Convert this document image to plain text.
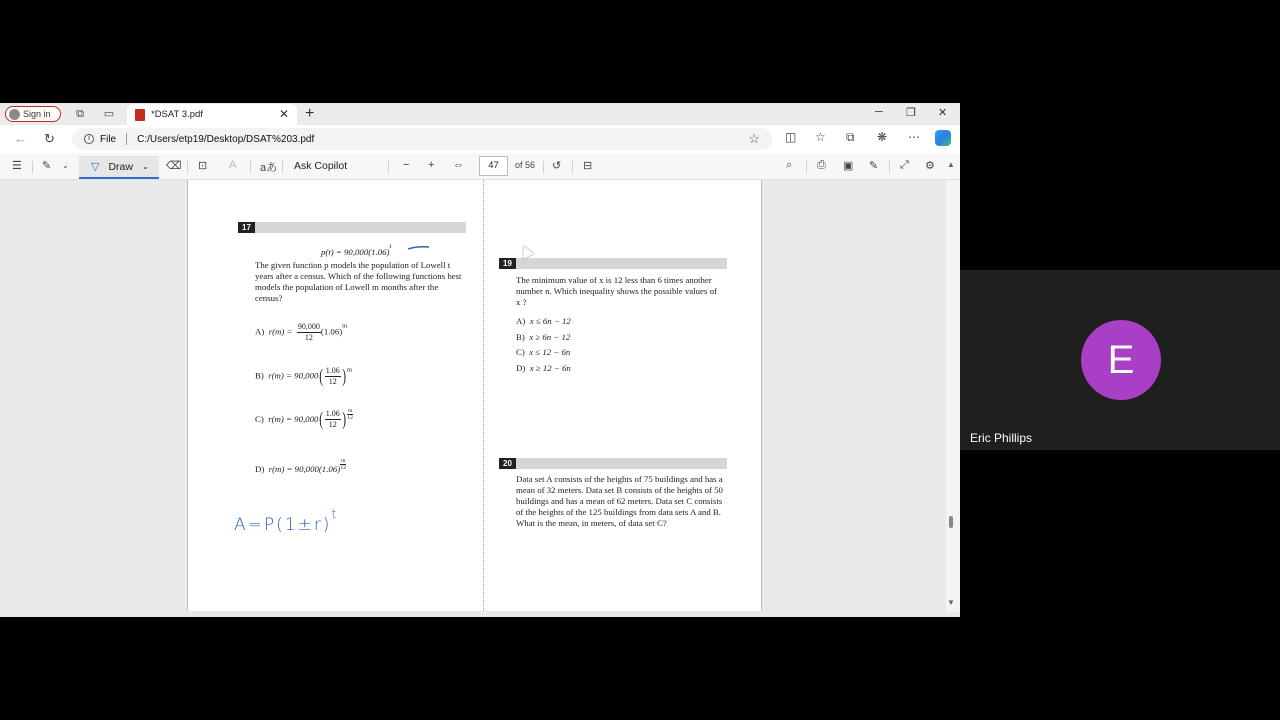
Sign in ⧉ ▭	*DSAT 3.pdf	✕ +	─ ❐ ✕
← ↻	i	File C:/Users/etp19/Desktop/DSAT%203.pdf	☆ ◫ ☆ ⧉ ❋ ⋯
☰ ✎ ⌄ ▽ Draw ⌄ ⌫ ⊡ A aあ Ask Copilot	− + ⇔	47	of 56 ↺ ⊟	⌕ ⎙ ▣ ✎ ⤢ ⚙ ▲
▼
17
$p(t) = 90,000(1.06)^t$
The given function p models the population of Lowell t years after a census. Which of the following functions best models the population of Lowell m months after the census?
A) $r(m) = \frac{90,000}{12} (1.06)^m$
B) $r(m) = 90,000( \frac{1.06}{12} )^m$
C) $r(m) = 90,000( \frac{1.06}{12}$ ) $\frac{m}{12}$
D) $r(m) = 90,000(1.06) \frac{m}{12}$
$A=P(1\pm r)^t$
19
The minimum value of x is 12 less than 6 times another number n. Which inequality shows the possible values of x ?
A) x ≤ 6n − 12
B) x ≥ 6n − 12
C) x ≤ 12 − 6n
D) x ≥ 12 − 6n
20
Data set A consists of the heights of 75 buildings and has a mean of 32 meters. Data set B consists of the heights of 50 buildings and has a mean of 62 meters. Data set C consists of the heights of the 125 buildings from data sets A and B. What is the mean, in meters, of data set C?
E
Eric Phillips
